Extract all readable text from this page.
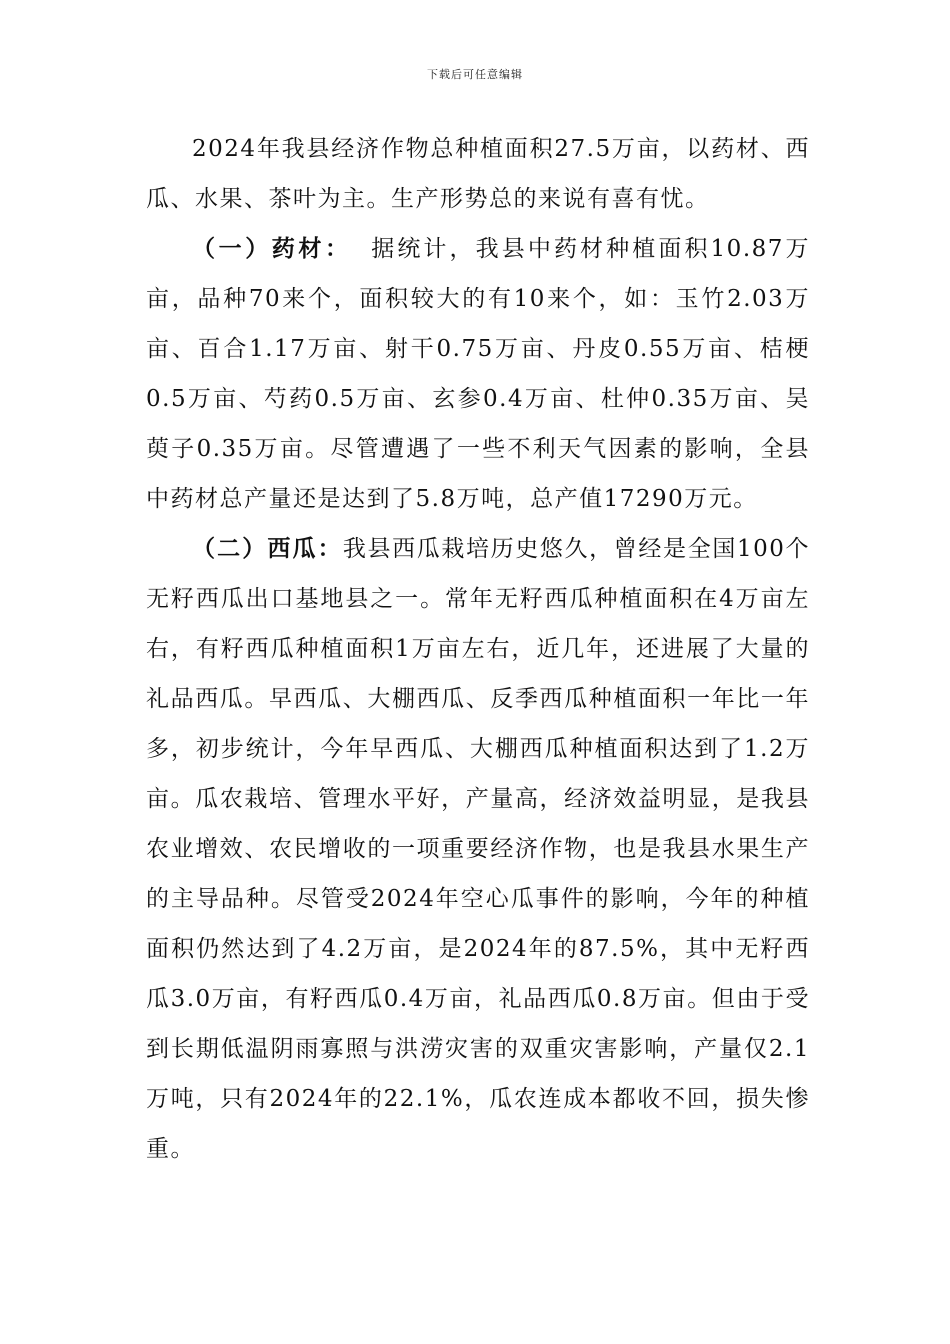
下载后可任意编辑

2024年我县经济作物总种植面积27.5万亩，以药材、西瓜、水果、茶叶为主。生产形势总的来说有喜有忧。

（一）药材： 据统计，我县中药材种植面积10.87万亩，品种70来个，面积较大的有10来个，如：玉竹2.03万亩、百合1.17万亩、射干0.75万亩、丹皮0.55万亩、桔梗0.5万亩、芍药0.5万亩、玄参0.4万亩、杜仲0.35万亩、吴萸子0.35万亩。尽管遭遇了一些不利天气因素的影响，全县中药材总产量还是达到了5.8万吨，总产值17290万元。

（二）西瓜：我县西瓜栽培历史悠久，曾经是全国100个无籽西瓜出口基地县之一。常年无籽西瓜种植面积在4万亩左右，有籽西瓜种植面积1万亩左右，近几年，还进展了大量的礼品西瓜。早西瓜、大棚西瓜、反季西瓜种植面积一年比一年多，初步统计，今年早西瓜、大棚西瓜种植面积达到了1.2万亩。瓜农栽培、管理水平好，产量高，经济效益明显，是我县农业增效、农民增收的一项重要经济作物，也是我县水果生产的主导品种。尽管受2024年空心瓜事件的影响，今年的种植面积仍然达到了4.2万亩，是2024年的87.5%，其中无籽西瓜3.0万亩，有籽西瓜0.4万亩，礼品西瓜0.8万亩。但由于受到长期低温阴雨寡照与洪涝灾害的双重灾害影响，产量仅2.1万吨，只有2024年的22.1%，瓜农连成本都收不回，损失惨重。
